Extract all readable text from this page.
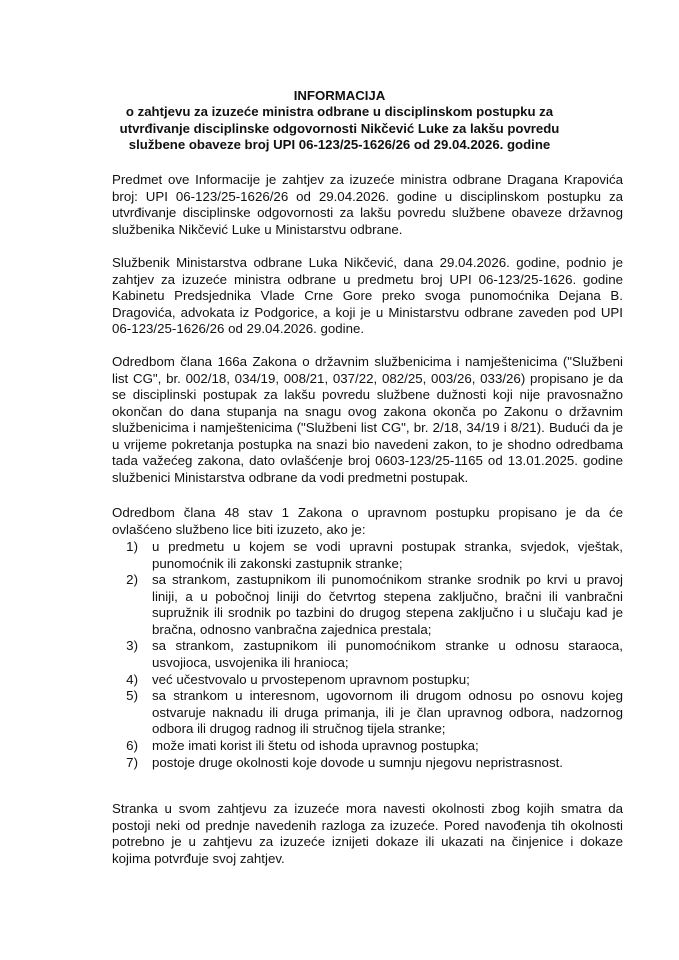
INFORMACIJA
o zahtjevu za izuzeće ministra odbrane u disciplinskom postupku za
utvrđivanje disciplinske odgovornosti Nikčević Luke za lakšu povredu
službene obaveze broj UPI 06-123/25-1626/26 od 29.04.2026. godine
Predmet ove Informacije je zahtjev za izuzeće ministra odbrane Dragana Krapovića broj: UPI 06-123/25-1626/26 od 29.04.2026. godine u disciplinskom postupku za utvrđivanje disciplinske odgovornosti za lakšu povredu službene obaveze državnog službenika Nikčević Luke u Ministarstvu odbrane.
Službenik Ministarstva odbrane Luka Nikčević, dana 29.04.2026. godine, podnio je zahtjev za izuzeće ministra odbrane u predmetu broj UPI 06-123/25-1626. godine Kabinetu Predsjednika Vlade Crne Gore preko svoga punomoćnika Dejana B. Dragovića, advokata iz Podgorice, a koji je u Ministarstvu odbrane zaveden pod UPI 06-123/25-1626/26 od 29.04.2026. godine.
Odredbom člana 166a Zakona o državnim službenicima i namještenicima ("Službeni list CG", br. 002/18, 034/19, 008/21, 037/22, 082/25, 003/26, 033/26) propisano je da se disciplinski postupak za lakšu povredu službene dužnosti koji nije pravosnažno okončan do dana stupanja na snagu ovog zakona okonča po Zakonu o državnim službenicima i namještenicima ("Službeni list CG", br. 2/18, 34/19 i 8/21). Budući da je u vrijeme pokretanja postupka na snazi bio navedeni zakon, to je shodno odredbama tada važećeg zakona, dato ovlašćenje broj 0603-123/25-1165 od 13.01.2025. godine službenici Ministarstva odbrane da vodi predmetni postupak.
Odredbom člana 48 stav 1 Zakona o upravnom postupku propisano je da će ovlašćeno službeno lice biti izuzeto, ako je:
1) u predmetu u kojem se vodi upravni postupak stranka, svjedok, vještak, punomoćnik ili zakonski zastupnik stranke;
2) sa strankom, zastupnikom ili punomoćnikom stranke srodnik po krvi u pravoj liniji, a u pobočnoj liniji do četvrtog stepena zaključno, bračni ili vanbračni supružnik ili srodnik po tazbini do drugog stepena zaključno i u slučaju kad je bračna, odnosno vanbračna zajednica prestala;
3) sa strankom, zastupnikom ili punomoćnikom stranke u odnosu staraoca, usvojioca, usvojenika ili hranioca;
4) već učestvovalo u prvostepenom upravnom postupku;
5) sa strankom u interesnom, ugovornom ili drugom odnosu po osnovu kojeg ostvaruje naknadu ili druga primanja, ili je član upravnog odbora, nadzornog odbora ili drugog radnog ili stručnog tijela stranke;
6) može imati korist ili štetu od ishoda upravnog postupka;
7) postoje druge okolnosti koje dovode u sumnju njegovu nepristrasnost.
Stranka u svom zahtjevu za izuzeće mora navesti okolnosti zbog kojih smatra da postoji neki od prednje navedenih razloga za izuzeće. Pored navođenja tih okolnosti potrebno je u zahtjevu za izuzeće iznijeti dokaze ili ukazati na činjenice i dokaze kojima potvrđuje svoj zahtjev.
